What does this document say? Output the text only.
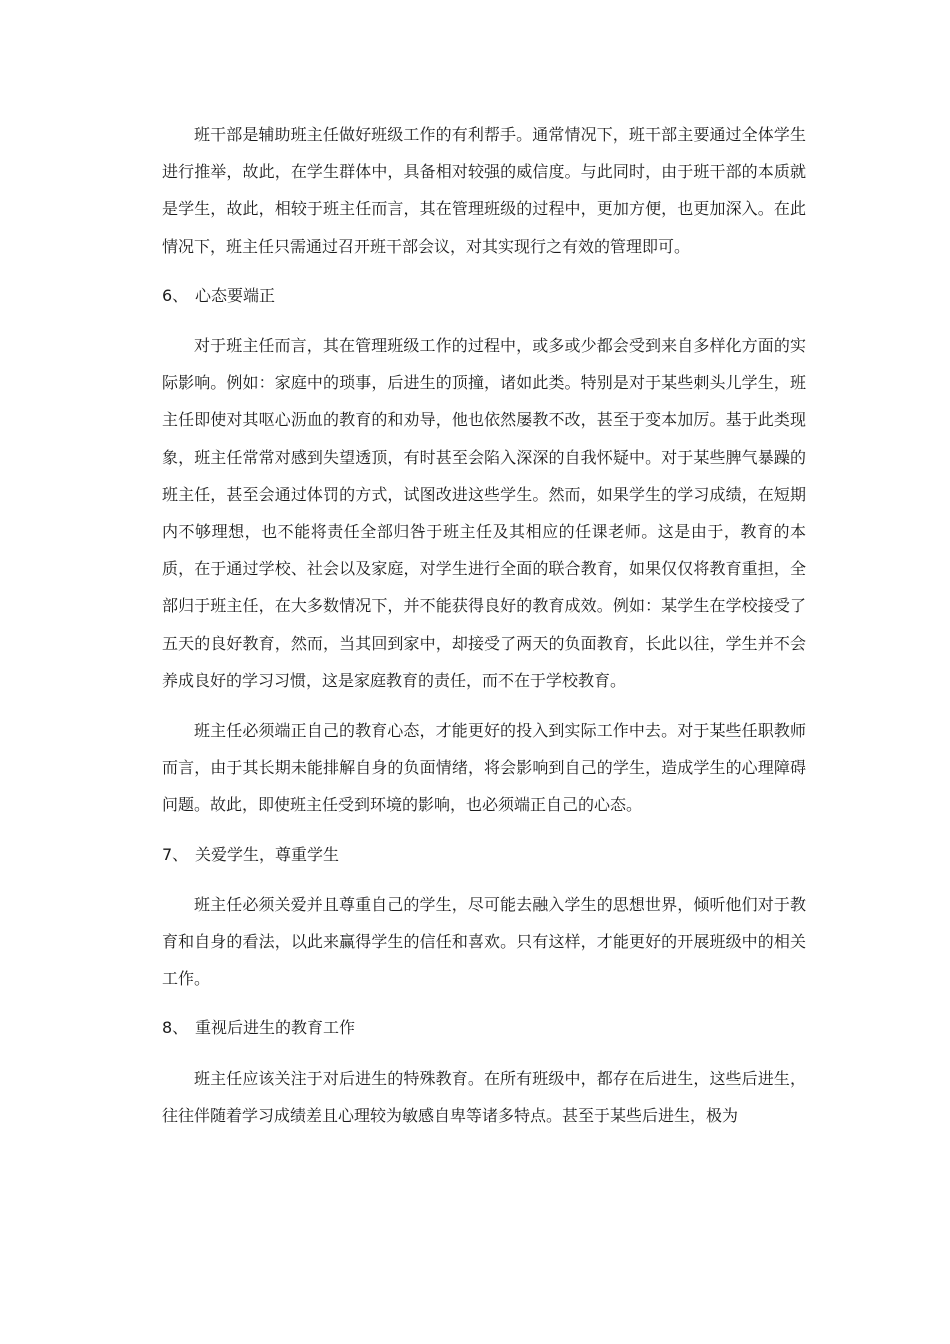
班干部是辅助班主任做好班级工作的有利帮手。通常情况下，班干部主要通过全体学生进行推举，故此，在学生群体中，具备相对较强的威信度。与此同时，由于班干部的本质就是学生，故此，相较于班主任而言，其在管理班级的过程中，更加方便，也更加深入。在此情况下，班主任只需通过召开班干部会议，对其实现行之有效的管理即可。

6、 心态要端正

对于班主任而言，其在管理班级工作的过程中，或多或少都会受到来自多样化方面的实际影响。例如：家庭中的琐事，后进生的顶撞，诸如此类。特别是对于某些刺头儿学生，班主任即使对其呕心沥血的教育的和劝导，他也依然屡教不改，甚至于变本加厉。基于此类现象，班主任常常对感到失望透顶，有时甚至会陷入深深的自我怀疑中。对于某些脾气暴躁的班主任，甚至会通过体罚的方式，试图改进这些学生。然而，如果学生的学习成绩，在短期内不够理想，也不能将责任全部归咎于班主任及其相应的任课老师。这是由于，教育的本质，在于通过学校、社会以及家庭，对学生进行全面的联合教育，如果仅仅将教育重担，全部归于班主任，在大多数情况下，并不能获得良好的教育成效。例如：某学生在学校接受了五天的良好教育，然而，当其回到家中，却接受了两天的负面教育，长此以往，学生并不会养成良好的学习习惯，这是家庭教育的责任，而不在于学校教育。

班主任必须端正自己的教育心态，才能更好的投入到实际工作中去。对于某些任职教师而言，由于其长期未能排解自身的负面情绪，将会影响到自己的学生，造成学生的心理障碍问题。故此，即使班主任受到环境的影响，也必须端正自己的心态。

7、 关爱学生，尊重学生

班主任必须关爱并且尊重自己的学生，尽可能去融入学生的思想世界，倾听他们对于教育和自身的看法，以此来赢得学生的信任和喜欢。只有这样，才能更好的开展班级中的相关工作。

8、 重视后进生的教育工作

班主任应该关注于对后进生的特殊教育。在所有班级中，都存在后进生，这些后进生，往往伴随着学习成绩差且心理较为敏感自卑等诸多特点。甚至于某些后进生，极为
